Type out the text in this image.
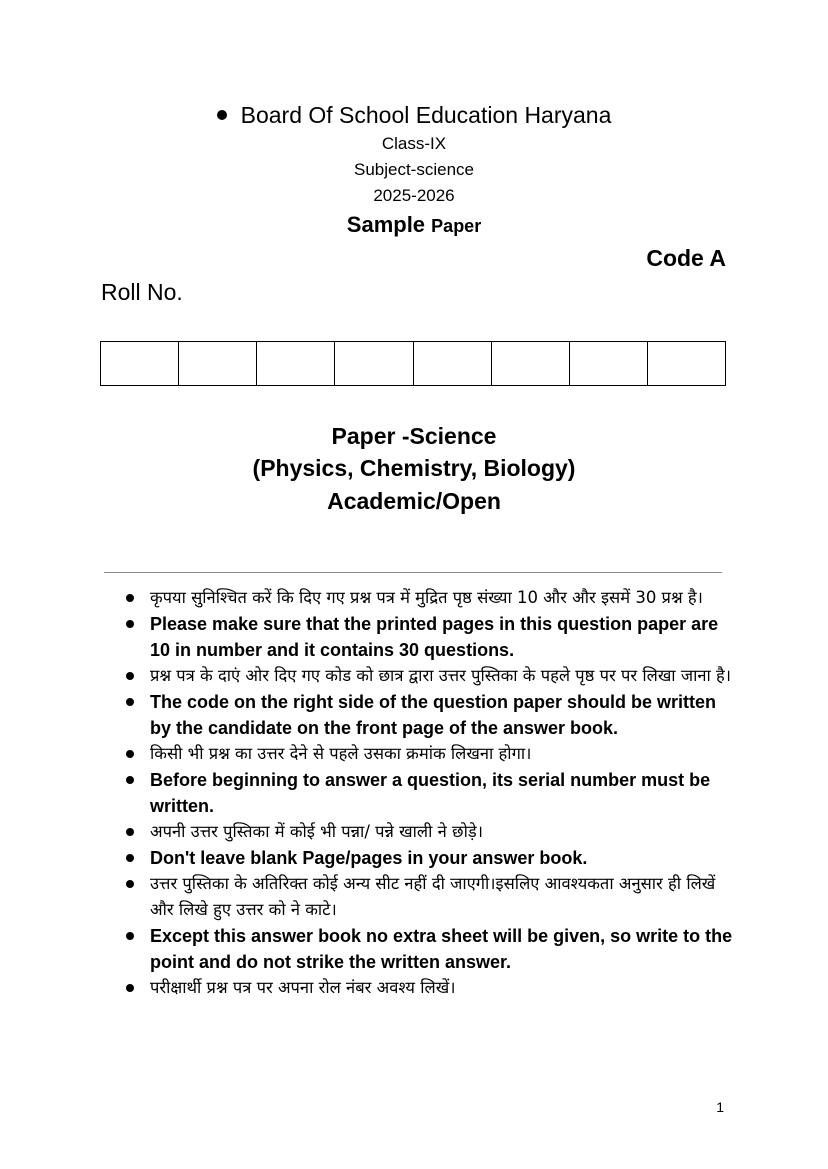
Board Of School Education Haryana
Class-IX
Subject-science
2025-2026
Sample Paper
Code A
Roll No.
Paper -Science
(Physics, Chemistry, Biology)
Academic/Open
कृपया सुनिश्चित करें कि दिए गए प्रश्न पत्र में मुद्रित पृष्ठ संख्या 10 और और इसमें 30 प्रश्न है।
Please make sure that the printed pages in this question paper are 10 in number and it contains 30 questions.
प्रश्न पत्र के दाएं ओर दिए गए कोड को छात्र द्वारा उत्तर पुस्तिका के पहले पृष्ठ पर पर लिखा जाना है।
The code on the right side of the question paper should be written by the candidate on the front page of the answer book.
किसी भी प्रश्न का उत्तर देने से पहले उसका क्रमांक लिखना होगा।
Before beginning to answer a question, its serial number must be written.
अपनी उत्तर पुस्तिका में कोई भी पन्ना/ पन्ने खाली ने छोड़े।
Don't leave blank Page/pages in your answer book.
उत्तर पुस्तिका के अतिरिक्त कोई अन्य सीट नहीं दी जाएगी।इसलिए आवश्यकता अनुसार ही लिखें और लिखे हुए उत्तर को ने काटे।
Except this answer book no extra sheet will be given, so write to the point and do not strike the written answer.
परीक्षार्थी प्रश्न पत्र पर अपना रोल नंबर अवश्य लिखें।
1
